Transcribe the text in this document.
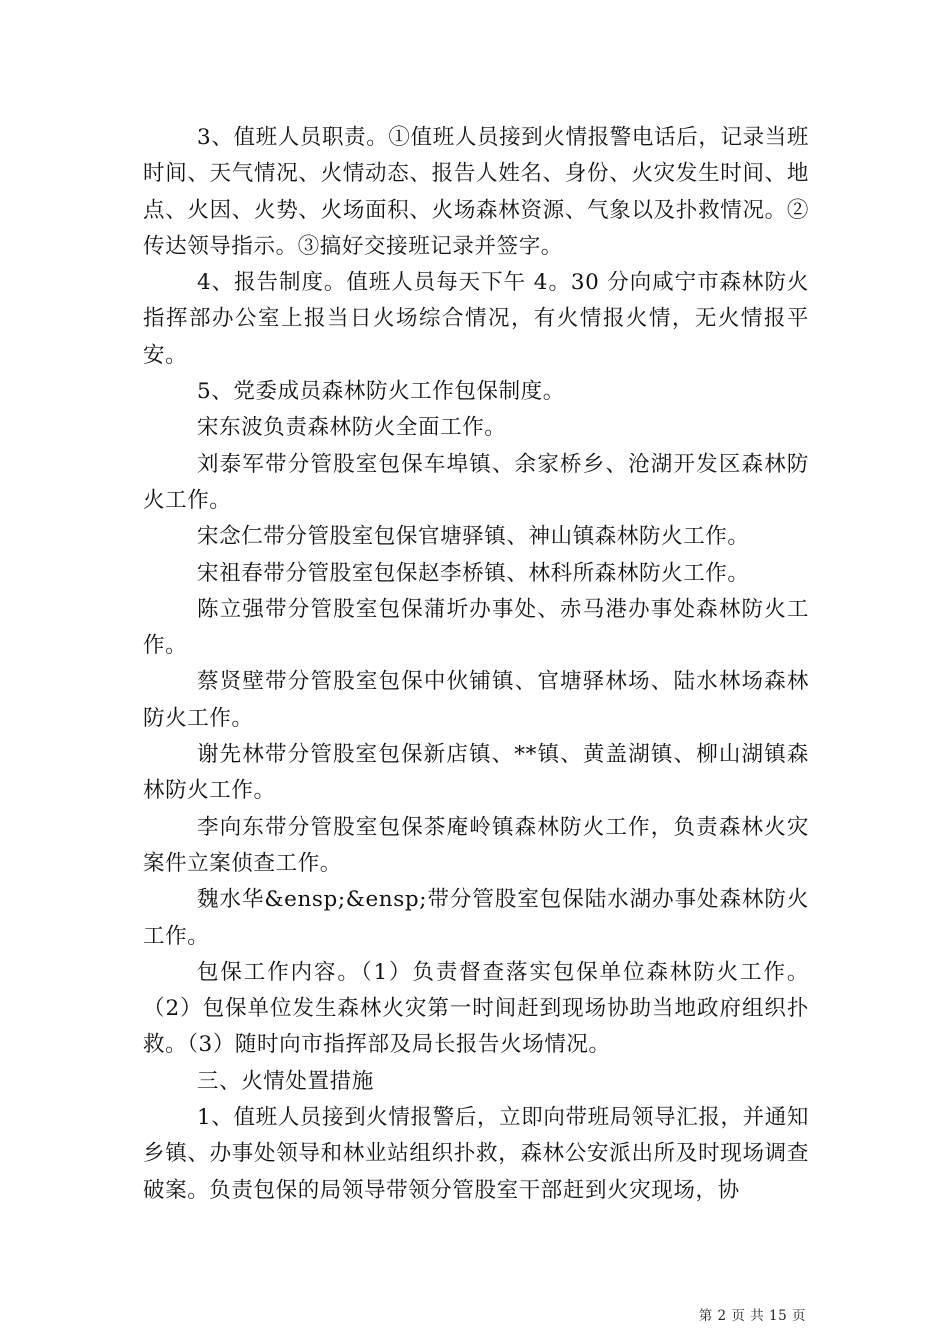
3、值班人员职责。①值班人员接到火情报警电话后，记录当班时间、天气情况、火情动态、报告人姓名、身份、火灾发生时间、地点、火因、火势、火场面积、火场森林资源、气象以及扑救情况。②传达领导指示。③搞好交接班记录并签字。

4、报告制度。值班人员每天下午 4。30 分向咸宁市森林防火指挥部办公室上报当日火场综合情况，有火情报火情，无火情报平安。

5、党委成员森林防火工作包保制度。

宋东波负责森林防火全面工作。

刘泰军带分管股室包保车埠镇、余家桥乡、沧湖开发区森林防火工作。

宋念仁带分管股室包保官塘驿镇、神山镇森林防火工作。

宋祖春带分管股室包保赵李桥镇、林科所森林防火工作。

陈立强带分管股室包保蒲圻办事处、赤马港办事处森林防火工作。

蔡贤壁带分管股室包保中伙铺镇、官塘驿林场、陆水林场森林防火工作。

谢先林带分管股室包保新店镇、**镇、黄盖湖镇、柳山湖镇森林防火工作。

李向东带分管股室包保茶庵岭镇森林防火工作，负责森林火灾案件立案侦查工作。

魏水华&ensp;&ensp;带分管股室包保陆水湖办事处森林防火工作。

包保工作内容。（1）负责督查落实包保单位森林防火工作。（2）包保单位发生森林火灾第一时间赶到现场协助当地政府组织扑救。（3）随时向市指挥部及局长报告火场情况。

三、火情处置措施

1、值班人员接到火情报警后，立即向带班局领导汇报，并通知乡镇、办事处领导和林业站组织扑救，森林公安派出所及时现场调查破案。负责包保的局领导带领分管股室干部赶到火灾现场，协

第 2 页 共 15 页
